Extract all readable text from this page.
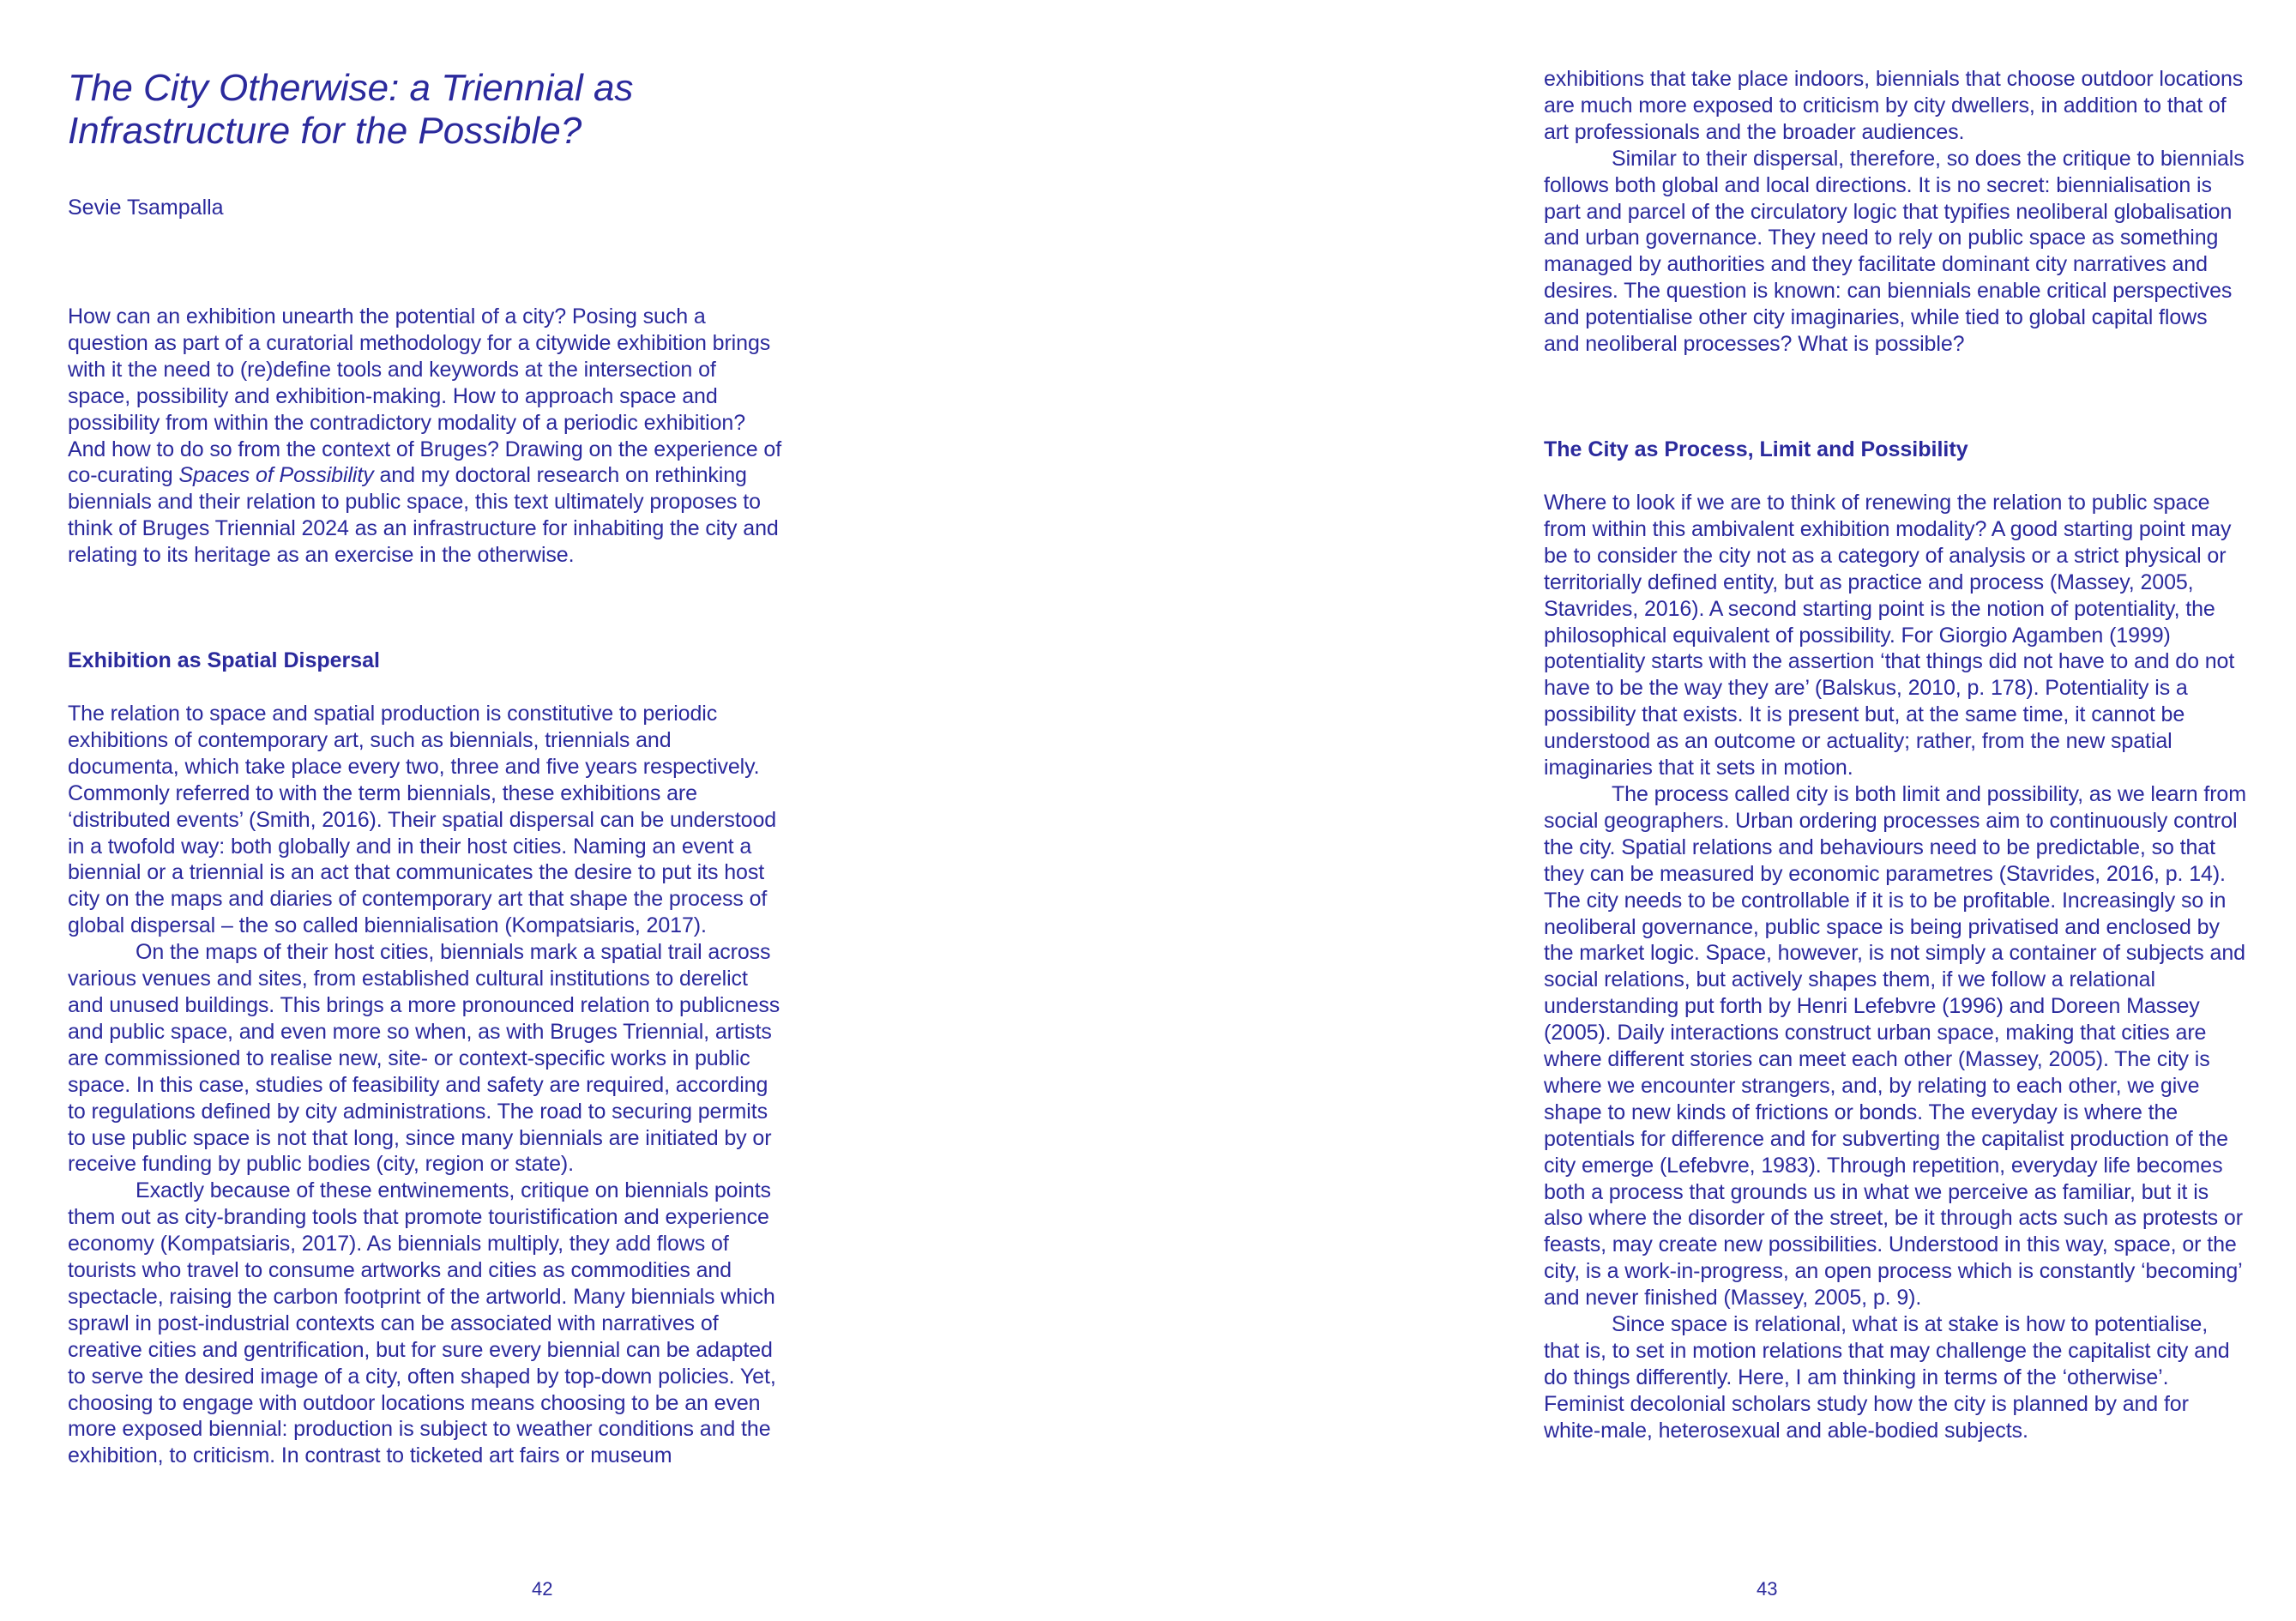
The City Otherwise: a Triennial as
Infrastructure for the Possible?

Sevie Tsampalla

How can an exhibition unearth the potential of a city? Posing such a question as part of a curatorial methodology for a citywide exhibition brings with it the need to (re)define tools and keywords at the intersection of space, possibility and exhibition-making. How to approach space and possibility from within the contradictory modality of a periodic exhibition? And how to do so from the context of Bruges? Drawing on the experience of co-curating Spaces of Possibility and my doctoral research on rethinking biennials and their relation to public space, this text ultimately proposes to think of Bruges Triennial 2024 as an infrastructure for inhabiting the city and relating to its heritage as an exercise in the otherwise.

Exhibition as Spatial Dispersal

The relation to space and spatial production is constitutive to periodic exhibitions of contemporary art, such as biennials, triennials and documenta, which take place every two, three and five years respectively. Commonly referred to with the term biennials, these exhibitions are ‘distributed events’ (Smith, 2016). Their spatial dispersal can be understood in a twofold way: both globally and in their host cities. Naming an event a biennial or a triennial is an act that communicates the desire to put its host city on the maps and diaries of contemporary art that shape the process of global dispersal – the so called biennialisation (Kompatsiaris, 2017).

On the maps of their host cities, biennials mark a spatial trail across various venues and sites, from established cultural institutions to derelict and unused buildings. This brings a more pronounced relation to publicness and public space, and even more so when, as with Bruges Triennial, artists are commissioned to realise new, site- or context-specific works in public space. In this case, studies of feasibility and safety are required, according to regulations defined by city administrations. The road to securing permits to use public space is not that long, since many biennials are initiated by or receive funding by public bodies (city, region or state).

Exactly because of these entwinements, critique on biennials points them out as city-branding tools that promote touristification and experience economy (Kompatsiaris, 2017). As biennials multiply, they add flows of tourists who travel to consume artworks and cities as commodities and spectacle, raising the carbon footprint of the artworld. Many biennials which sprawl in post-industrial contexts can be associated with narratives of creative cities and gentrification, but for sure every biennial can be adapted to serve the desired image of a city, often shaped by top-down policies. Yet, choosing to engage with outdoor locations means choosing to be an even more exposed biennial: production is subject to weather conditions and the exhibition, to criticism. In contrast to ticketed art fairs or museum

42

exhibitions that take place indoors, biennials that choose outdoor locations are much more exposed to criticism by city dwellers, in addition to that of art professionals and the broader audiences.

Similar to their dispersal, therefore, so does the critique to biennials follows both global and local directions. It is no secret: biennialisation is part and parcel of the circulatory logic that typifies neoliberal globalisation and urban governance. They need to rely on public space as something managed by authorities and they facilitate dominant city narratives and desires. The question is known: can biennials enable critical perspectives and potentialise other city imaginaries, while tied to global capital flows and neoliberal processes? What is possible?

The City as Process, Limit and Possibility

Where to look if we are to think of renewing the relation to public space from within this ambivalent exhibition modality? A good starting point may be to consider the city not as a category of analysis or a strict physical or territorially defined entity, but as practice and process (Massey, 2005, Stavrides, 2016). A second starting point is the notion of potentiality, the philosophical equivalent of possibility. For Giorgio Agamben (1999) potentiality starts with the assertion ‘that things did not have to and do not have to be the way they are’ (Balskus, 2010, p. 178). Potentiality is a possibility that exists. It is present but, at the same time, it cannot be understood as an outcome or actuality; rather, from the new spatial imaginaries that it sets in motion.

The process called city is both limit and possibility, as we learn from social geographers. Urban ordering processes aim to continuously control the city. Spatial relations and behaviours need to be predictable, so that they can be measured by economic parametres (Stavrides, 2016, p. 14). The city needs to be controllable if it is to be profitable. Increasingly so in neoliberal governance, public space is being privatised and enclosed by the market logic. Space, however, is not simply a container of subjects and social relations, but actively shapes them, if we follow a relational understanding put forth by Henri Lefebvre (1996) and Doreen Massey (2005). Daily interactions construct urban space, making that cities are where different stories can meet each other (Massey, 2005). The city is where we encounter strangers, and, by relating to each other, we give shape to new kinds of frictions or bonds. The everyday is where the potentials for difference and for subverting the capitalist production of the city emerge (Lefebvre, 1983). Through repetition, everyday life becomes both a process that grounds us in what we perceive as familiar, but it is also where the disorder of the street, be it through acts such as protests or feasts, may create new possibilities. Understood in this way, space, or the city, is a work-in-progress, an open process which is constantly ‘becoming’ and never finished (Massey, 2005, p. 9).

Since space is relational, what is at stake is how to potentialise, that is, to set in motion relations that may challenge the capitalist city and do things differently. Here, I am thinking in terms of the ‘otherwise’. Feminist decolonial scholars study how the city is planned by and for white-male, heterosexual and able-bodied subjects.

43
